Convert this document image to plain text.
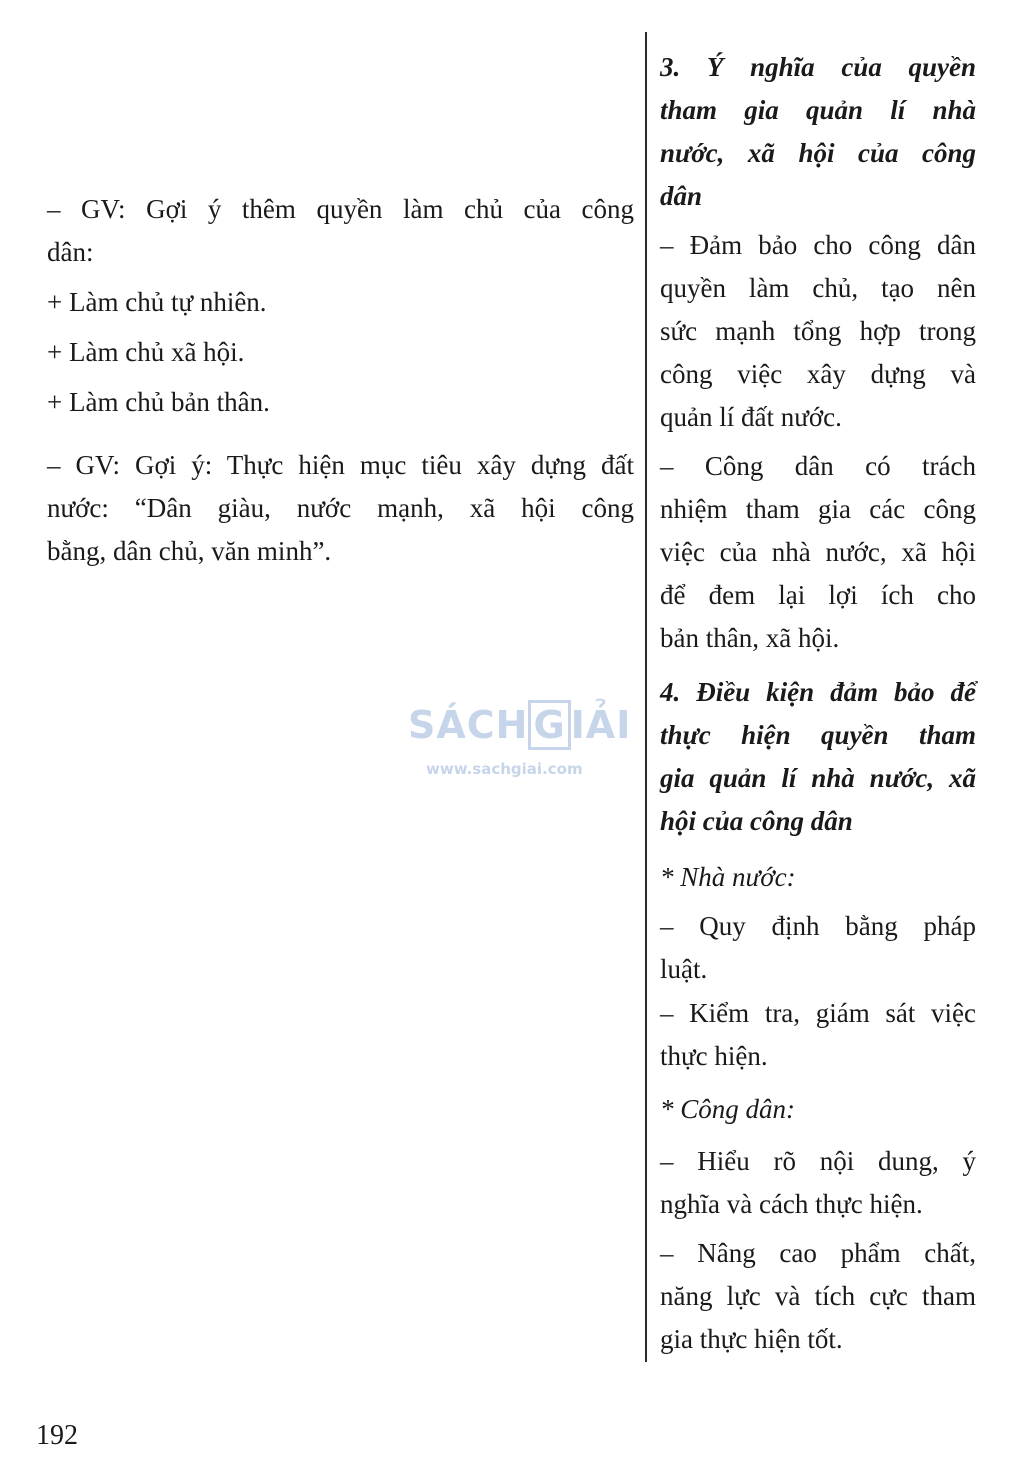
– GV: Gợi ý thêm quyền làm chủ của công

dân:

+ Làm chủ tự nhiên.

+ Làm chủ xã hội.

+ Làm chủ bản thân.

– GV: Gợi ý: Thực hiện mục tiêu xây dựng đất

nước: “Dân giàu, nước mạnh, xã hội công

bằng, dân chủ, văn minh”.

SÁCH G IẢI
www.sachgiai.com

3. Ý nghĩa của quyền

tham gia quản lí nhà

nước, xã hội của công

dân

– Đảm bảo cho công dân

quyền làm chủ, tạo nên

sức mạnh tổng hợp trong

công việc xây dựng và

quản lí đất nước.

– Công dân có trách

nhiệm tham gia các công

việc của nhà nước, xã hội

để đem lại lợi ích cho

bản thân, xã hội.

4. Điều kiện đảm bảo để

thực hiện quyền tham

gia quản lí nhà nước, xã

hội của công dân

* Nhà nước:

– Quy định bằng pháp

luật.

– Kiểm tra, giám sát việc

thực hiện.

* Công dân:

– Hiểu rõ nội dung, ý

nghĩa và cách thực hiện.

– Nâng cao phẩm chất,

năng lực và tích cực tham

gia thực hiện tốt.

192
